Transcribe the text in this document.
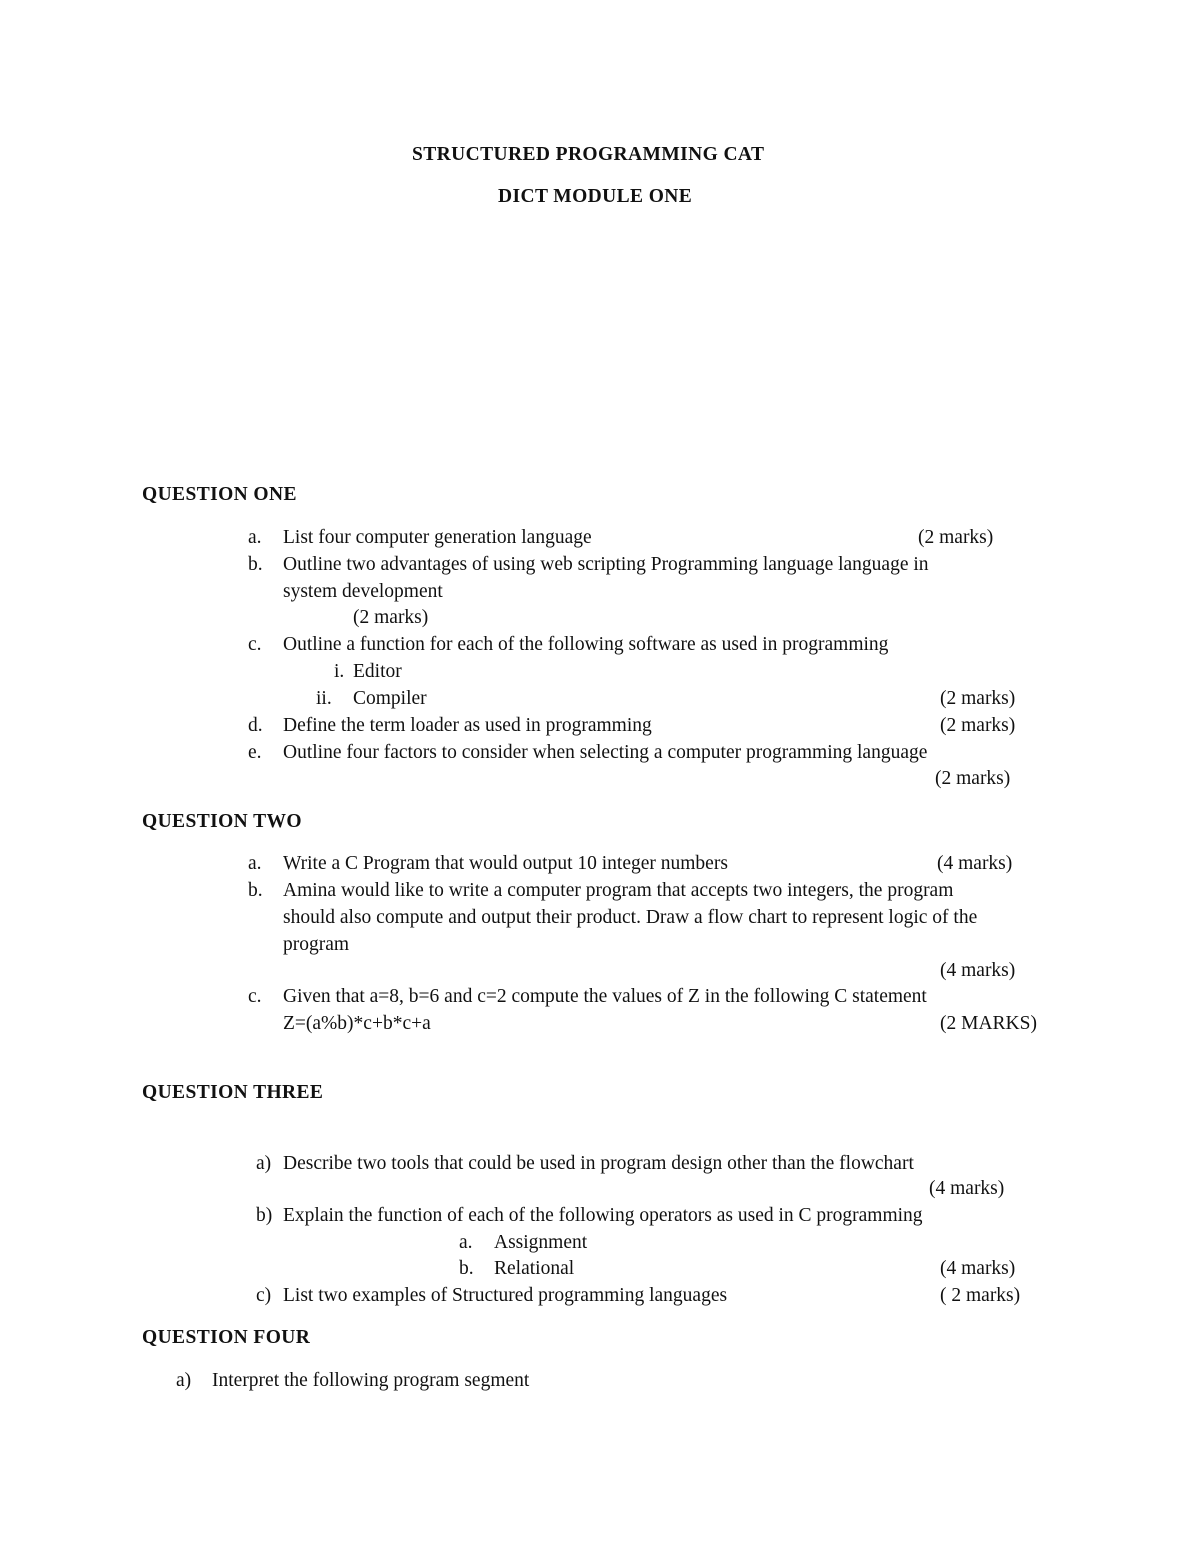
STRUCTURED PROGRAMMING CAT
DICT MODULE ONE
QUESTION ONE
a. List four computer generation language	(2 marks)
b. Outline two advantages of using web scripting Programming language language in
system development
(2 marks)
c. Outline a function for each of the following software as used in programming
i. Editor
ii. Compiler	(2 marks)
d. Define the term loader as used in programming	(2 marks)
e. Outline four factors to consider when selecting a computer programming language
(2 marks)
QUESTION TWO
a. Write a C Program that would output 10 integer numbers	(4 marks)
b. Amina would like to write a computer program that accepts two integers, the program
should also compute and output their product. Draw a flow chart to represent logic of the
program
(4 marks)
c. Given that a=8, b=6 and c=2 compute the values of Z in the following C statement
Z=(a%b)*c+b*c+a	(2 MARKS)
QUESTION THREE
a) Describe two tools that could be used in program design other than the flowchart
(4 marks)
b) Explain the function of each of the following operators as used in C programming
a. Assignment
b. Relational	(4 marks)
c) List two examples of Structured programming languages	( 2 marks)
QUESTION FOUR
a) Interpret the following program segment
